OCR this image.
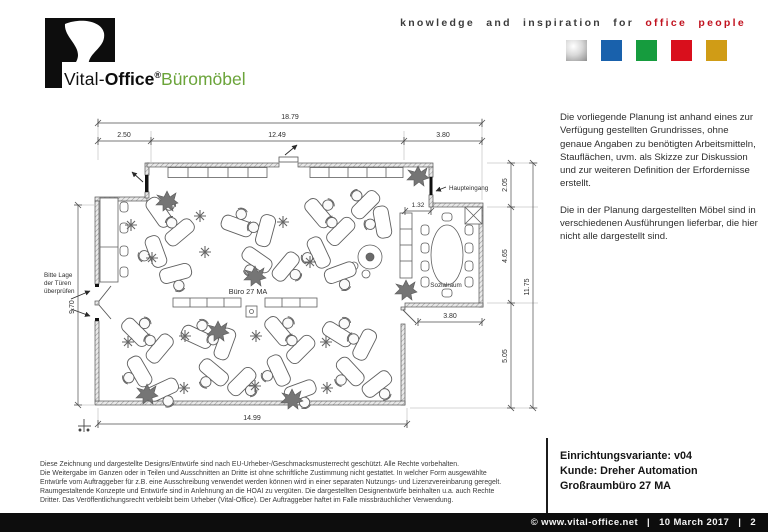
Vital-Office®Büromöbel
knowledge and inspiration for office people

Die vorliegende Planung ist anhand eines zur Verfügung gestellten Grundrisses, ohne genaue Angaben zu benötigten Arbeitsmitteln, Stauflächen, uvm. als Skizze zur Diskussion und zur weiteren Definition der Erfordernisse erstellt.

Die in der Planung dargestellten Möbel sind in verschiedenen Ausführungen lieferbar, die hier nicht alle dargestellt sind.

18.79
2.50	12.49	3.80
1.32
3.80
14.99
2.05
4.65
5.05
11.75
9.70
Büro 27 MA
Sozialraum
Haupteingang
Bitte Lage
der Türen
überprüfen
Diese Zeichnung und dargestellte Designs/Entwürfe sind nach EU-Urheber-/Geschmacksmusterrecht geschützt. Alle Rechte vorbehalten.
Die Weitergabe im Ganzen oder in Teilen und Ausschnitten an Dritte ist ohne schriftliche Zustimmung nicht gestattet. In welcher Form ausgewählte
Entwürfe vom Auftraggeber für z.B. eine Ausschreibung verwendet werden können wird in einer separaten Nutzungs- und Lizenzvereinbarung geregelt.
Raumgestaltende Konzepte und Entwürfe sind in Anlehnung an die HOAI zu vergüten. Die dargestellten Designentwürfe beinhalten u.a. auch Rechte
Dritter. Das Veröffentlichungsrecht verbleibt beim Urheber (Vital-Office). Der Auftraggeber haftet im Falle missbräuchlicher Verwendung.
Einrichtungsvariante: v04
Kunde: Dreher Automation
Großraumbüro 27 MA
© www.vital-office.net | 10 March 2017 | 2
